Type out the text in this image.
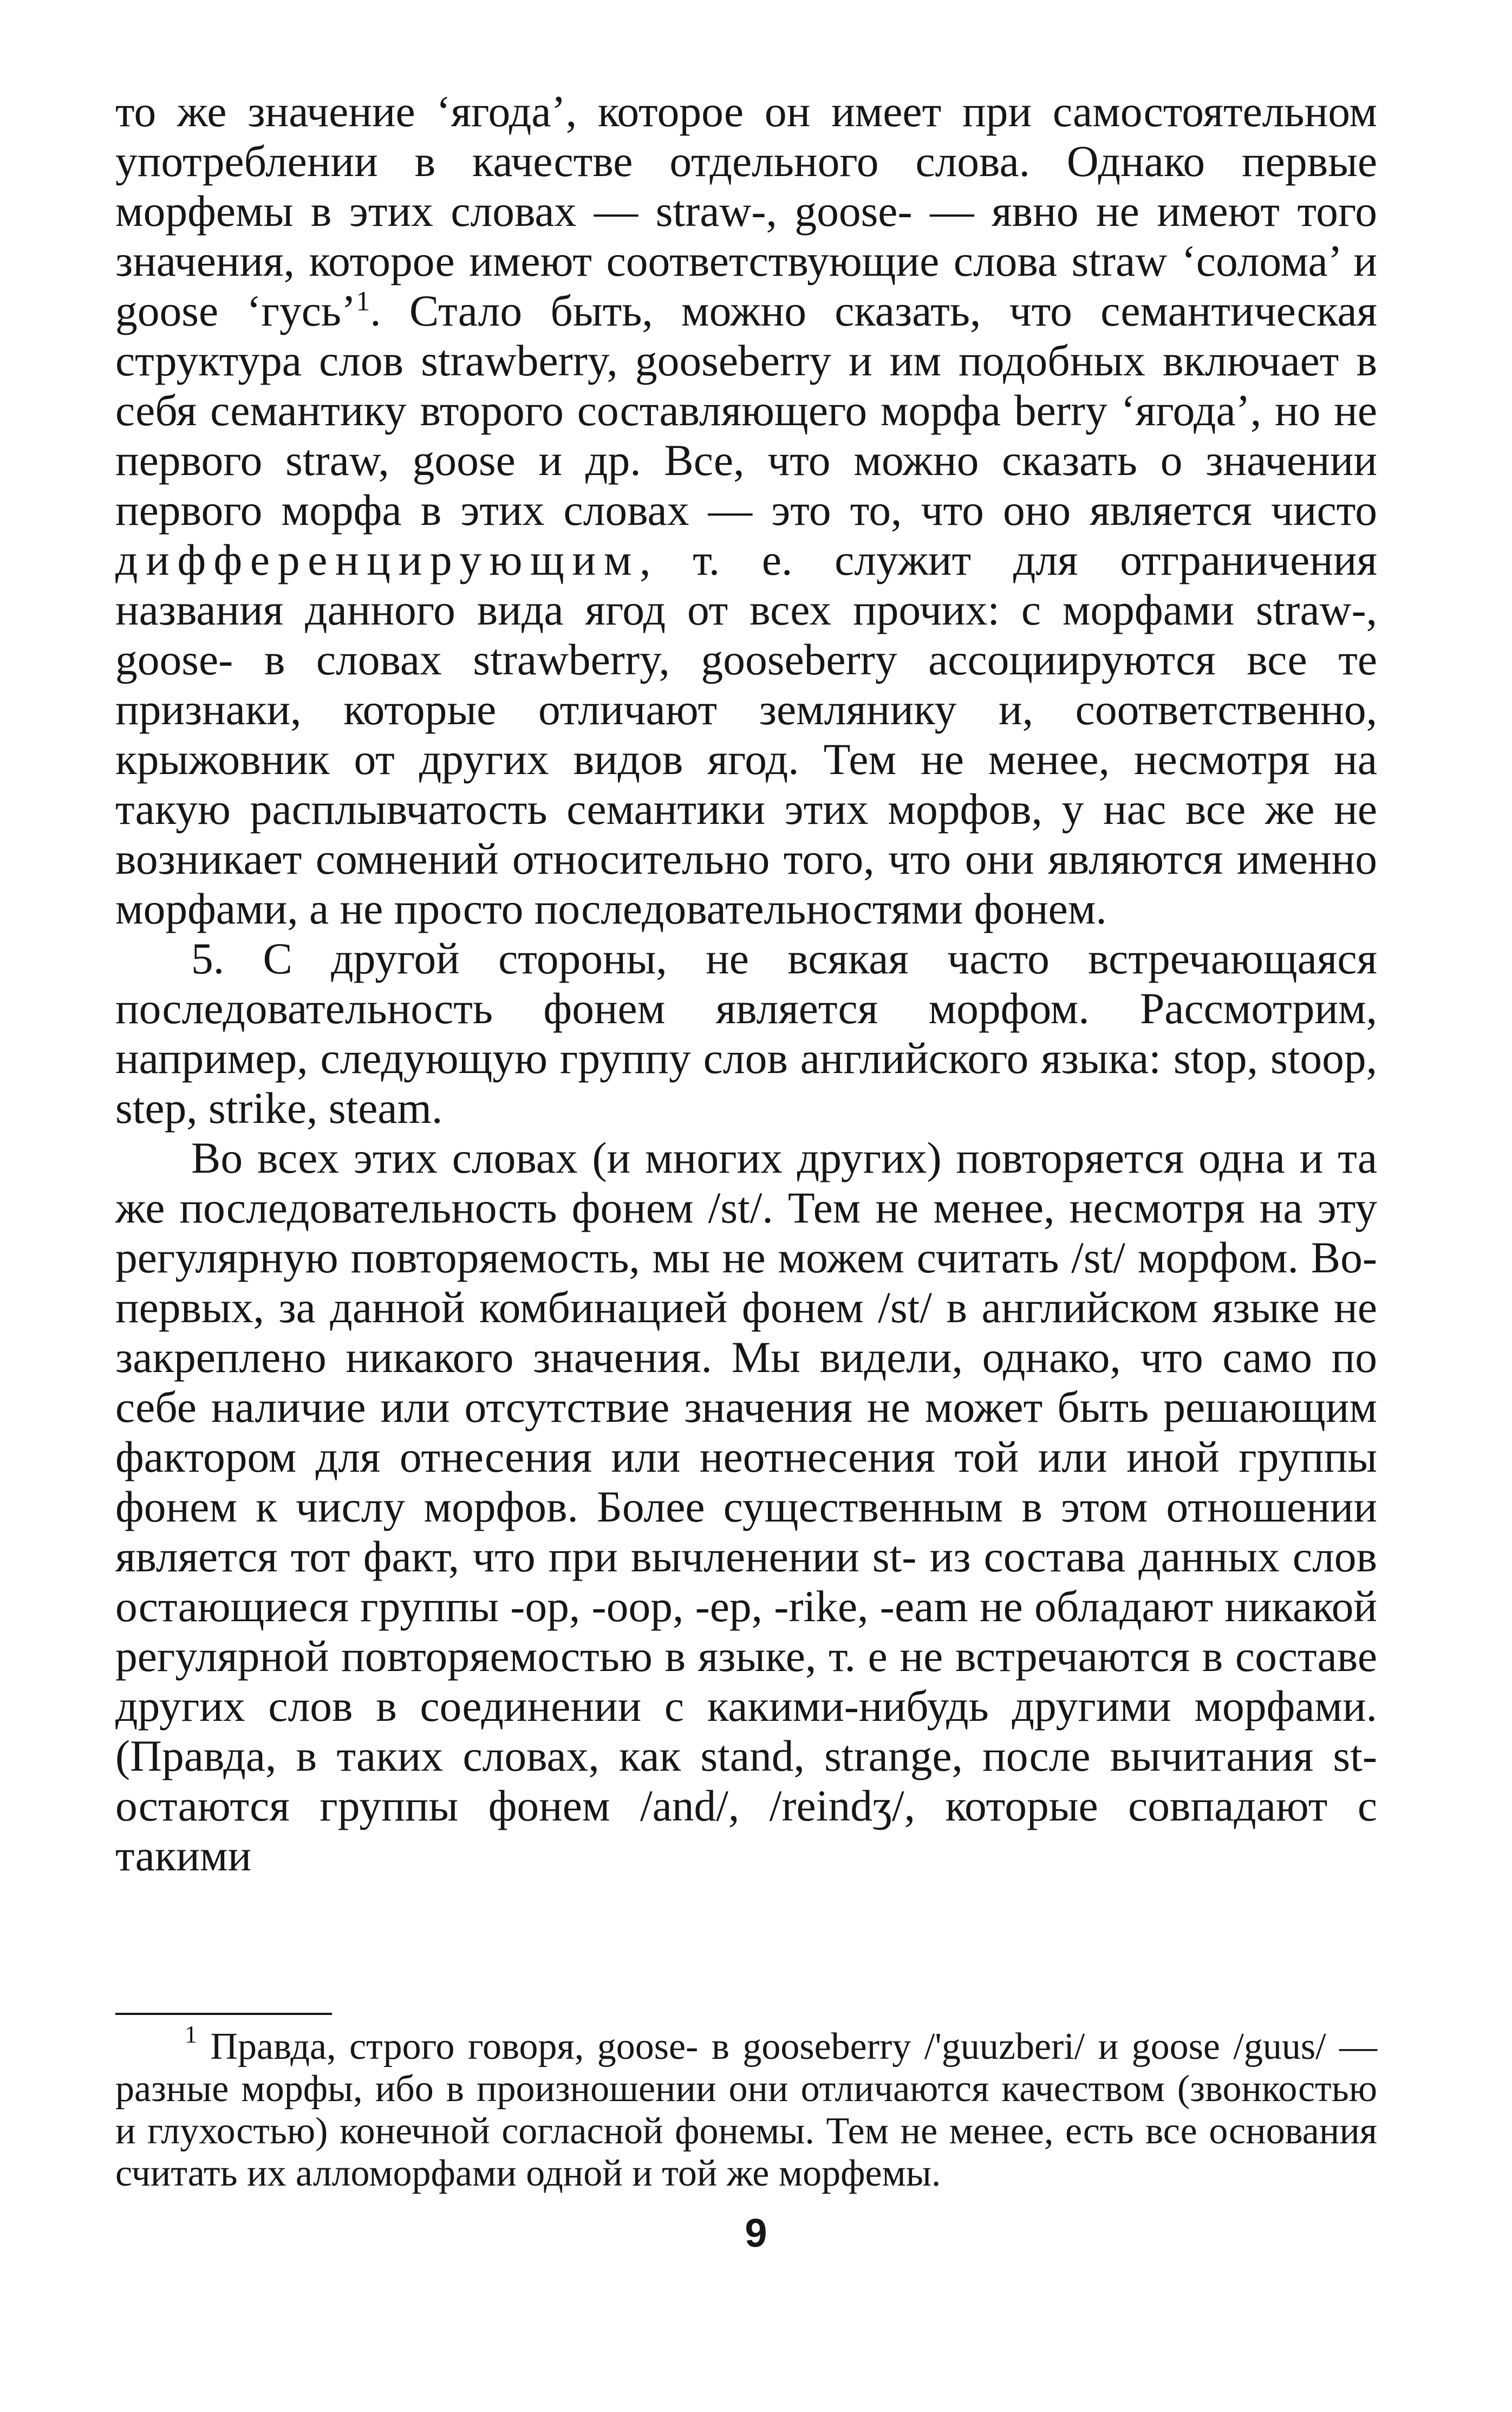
то же значение ‘ягода’, которое он имеет при самостоятельном употреблении в качестве отдельного слова. Однако первые морфемы в этих словах — straw-, goose- — явно не имеют того значения, которое имеют соответствующие слова straw ‘солома’ и goose ‘гусь’$^1$. Стало быть, можно сказать, что семантическая структура слов strawberry, gooseberry и им подобных включает в себя семантику второго составляющего морфа berry ‘ягода’, но не первого straw, goose и др. Все, что можно сказать о значении первого морфа в этих словах — это то, что оно является чисто дифференцирующим, т. е. служит для отграничения названия данного вида ягод от всех прочих: с морфами straw-, goose- в словах strawberry, gooseberry ассоциируются все те признаки, которые отличают землянику и, соответственно, крыжовник от других видов ягод. Тем не менее, несмотря на такую расплывчатость семантики этих морфов, у нас все же не возникает сомнений относительно того, что они являются именно морфами, а не просто последовательностями фонем.

5. С другой стороны, не всякая часто встречающаяся последовательность фонем является морфом. Рассмотрим, например, следующую группу слов английского языка: stop, stoop, step, strike, steam.

Во всех этих словах (и многих других) повторяется одна и та же последовательность фонем /st/. Тем не менее, несмотря на эту регулярную повторяемость, мы не можем считать /st/ морфом. Во-первых, за данной комбинацией фонем /st/ в английском языке не закреплено никакого значения. Мы видели, однако, что само по себе наличие или отсутствие значения не может быть решающим фактором для отнесения или неотнесения той или иной группы фонем к числу морфов. Более существенным в этом отношении является тот факт, что при вычленении st- из состава данных слов остающиеся группы -op, -oop, -ep, -rike, -eam не обладают никакой регулярной повторяемостью в языке, т. е не встречаются в составе других слов в соединении с какими-нибудь другими морфами. (Правда, в таких словах, как stand, strange, после вычитания st- остаются группы фонем /and/, /reindʒ/, которые совпадают с такими

$^1$ Правда, строго говоря, goose- в gooseberry /'guuzberi/ и goose /guus/ — разные морфы, ибо в произношении они отличаются качеством (звонкостью и глухостью) конечной согласной фонемы. Тем не менее, есть все основания считать их алломорфами одной и той же морфемы.
9
